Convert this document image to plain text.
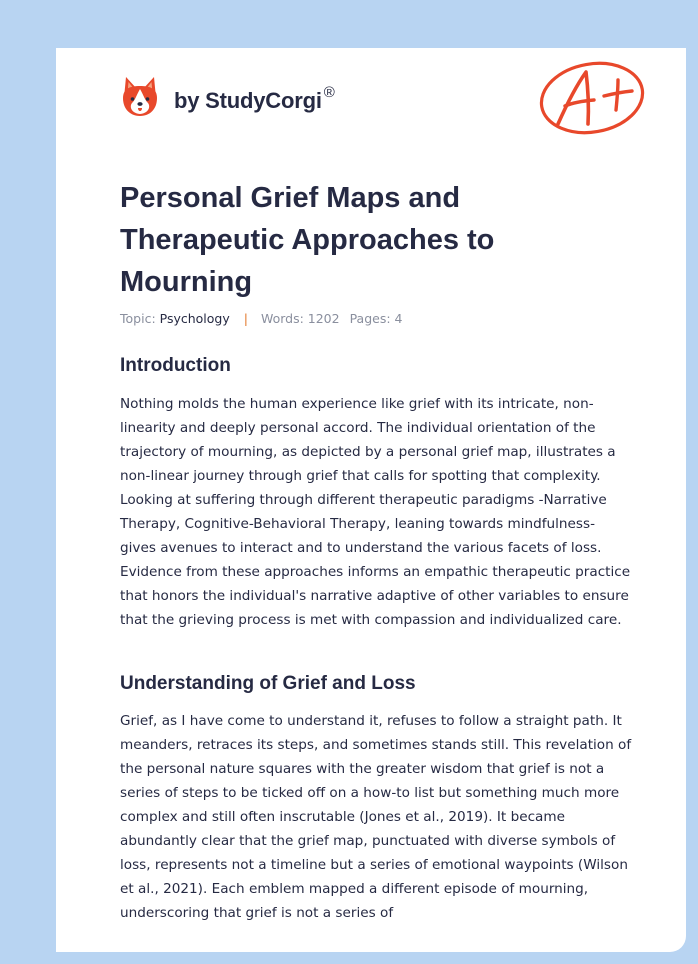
by StudyCorgi ®
Personal Grief Maps and Therapeutic Approaches to Mourning
Topic: Psychology | Words: 1202 Pages: 4
Introduction

Nothing molds the human experience like grief with its intricate, non-linearity and deeply personal accord. The individual orientation of the trajectory of mourning, as depicted by a personal grief map, illustrates a non-linear journey through grief that calls for spotting that complexity. Looking at suffering through different therapeutic paradigms -Narrative Therapy, Cognitive-Behavioral Therapy, leaning towards mindfulness- gives avenues to interact and to understand the various facets of loss. Evidence from these approaches informs an empathic therapeutic practice that honors the individual's narrative adaptive of other variables to ensure that the grieving process is met with compassion and individualized care.

Understanding of Grief and Loss

Grief, as I have come to understand it, refuses to follow a straight path. It meanders, retraces its steps, and sometimes stands still. This revelation of the personal nature squares with the greater wisdom that grief is not a series of steps to be ticked off on a how-to list but something much more complex and still often inscrutable (Jones et al., 2019). It became abundantly clear that the grief map, punctuated with diverse symbols of loss, represents not a timeline but a series of emotional waypoints (Wilson et al., 2021). Each emblem mapped a different episode of mourning, underscoring that grief is not a series of
